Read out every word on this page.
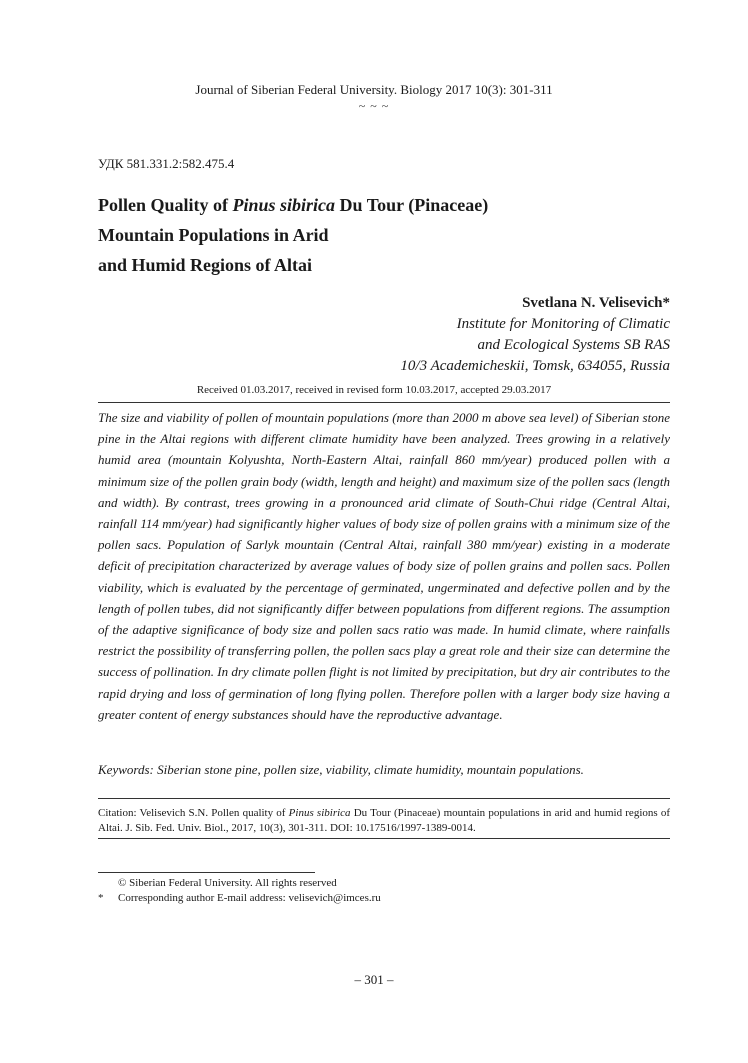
Journal of Siberian Federal University. Biology 2017 10(3): 301-311
~ ~ ~
УДК 581.331.2:582.475.4
Pollen Quality of Pinus sibirica Du Tour (Pinaceae)
Mountain Populations in Arid
and Humid Regions of Altai
Svetlana N. Velisevich*
Institute for Monitoring of Climatic
and Ecological Systems SB RAS
10/3 Academicheskii, Tomsk, 634055, Russia
Received 01.03.2017, received in revised form 10.03.2017, accepted 29.03.2017
The size and viability of pollen of mountain populations (more than 2000 m above sea level) of Siberian stone pine in the Altai regions with different climate humidity have been analyzed. Trees growing in a relatively humid area (mountain Kolyushta, North-Eastern Altai, rainfall 860 mm/year) produced pollen with a minimum size of the pollen grain body (width, length and height) and maximum size of the pollen sacs (length and width). By contrast, trees growing in a pronounced arid climate of South-Chui ridge (Central Altai, rainfall 114 mm/year) had significantly higher values of body size of pollen grains with a minimum size of the pollen sacs. Population of Sarlyk mountain (Central Altai, rainfall 380 mm/year) existing in a moderate deficit of precipitation characterized by average values of body size of pollen grains and pollen sacs. Pollen viability, which is evaluated by the percentage of germinated, ungerminated and defective pollen and by the length of pollen tubes, did not significantly differ between populations from different regions. The assumption of the adaptive significance of body size and pollen sacs ratio was made. In humid climate, where rainfalls restrict the possibility of transferring pollen, the pollen sacs play a great role and their size can determine the success of pollination. In dry climate pollen flight is not limited by precipitation, but dry air contributes to the rapid drying and loss of germination of long flying pollen. Therefore pollen with a larger body size having a greater content of energy substances should have the reproductive advantage.
Keywords: Siberian stone pine, pollen size, viability, climate humidity, mountain populations.
Citation: Velisevich S.N. Pollen quality of Pinus sibirica Du Tour (Pinaceae) mountain populations in arid and humid regions of Altai. J. Sib. Fed. Univ. Biol., 2017, 10(3), 301-311. DOI: 10.17516/1997-1389-0014.
© Siberian Federal University. All rights reserved
*	Corresponding author E-mail address: velisevich@imces.ru
– 301 –
